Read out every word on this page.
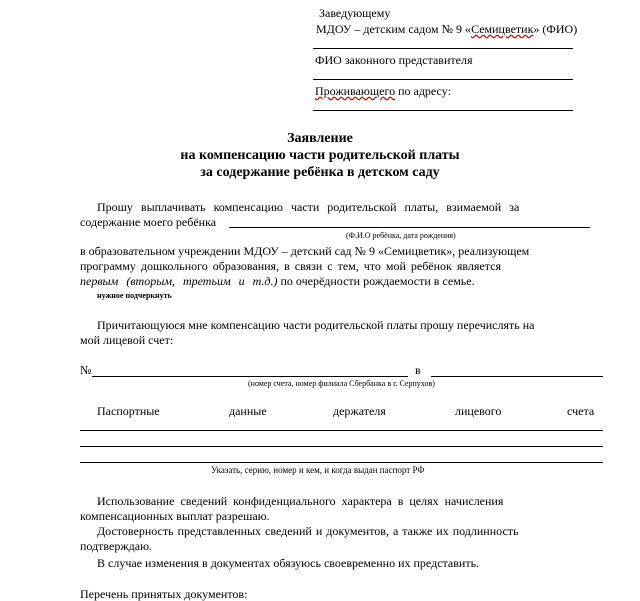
Заведующему
МДОУ – детским садом № 9 «Семицветик» (ФИО)
ФИО законного представителя
Проживающего по адресу:
Заявление
на компенсацию части родительской платы
за содержание ребёнка в детском саду
Прошу выплачивать компенсацию части родительской платы, взимаемой за
содержание моего ребёнка
(Ф.И.О ребёнка, дата рождения)
в образовательном учреждении МДОУ – детский сад № 9 «Семицветик», реализующем
программу дошкольного образования, в связи с тем, что мой ребёнок является
первым (вторым, третьим и т.д.) по очерёдности рождаемости в семье.
нужное подчеркнуть
Причитающуюся мне компенсацию части родительской платы прошу перечислять на
мой лицевой счет:
№	в
(номер счета, номер филиала Сбербанка в г. Серпухов)
Паспортные	данные	держателя	лицевого	счета
Указать, серию, номер и кем, и когда выдан паспорт РФ
Использование сведений конфиденциального характера в целях начисления
компенсационных выплат разрешаю.
Достоверность представленных сведений и документов, а также их подлинность
подтверждаю.
В случае изменения в документах обязуюсь своевременно их представить.
Перечень принятых документов:
